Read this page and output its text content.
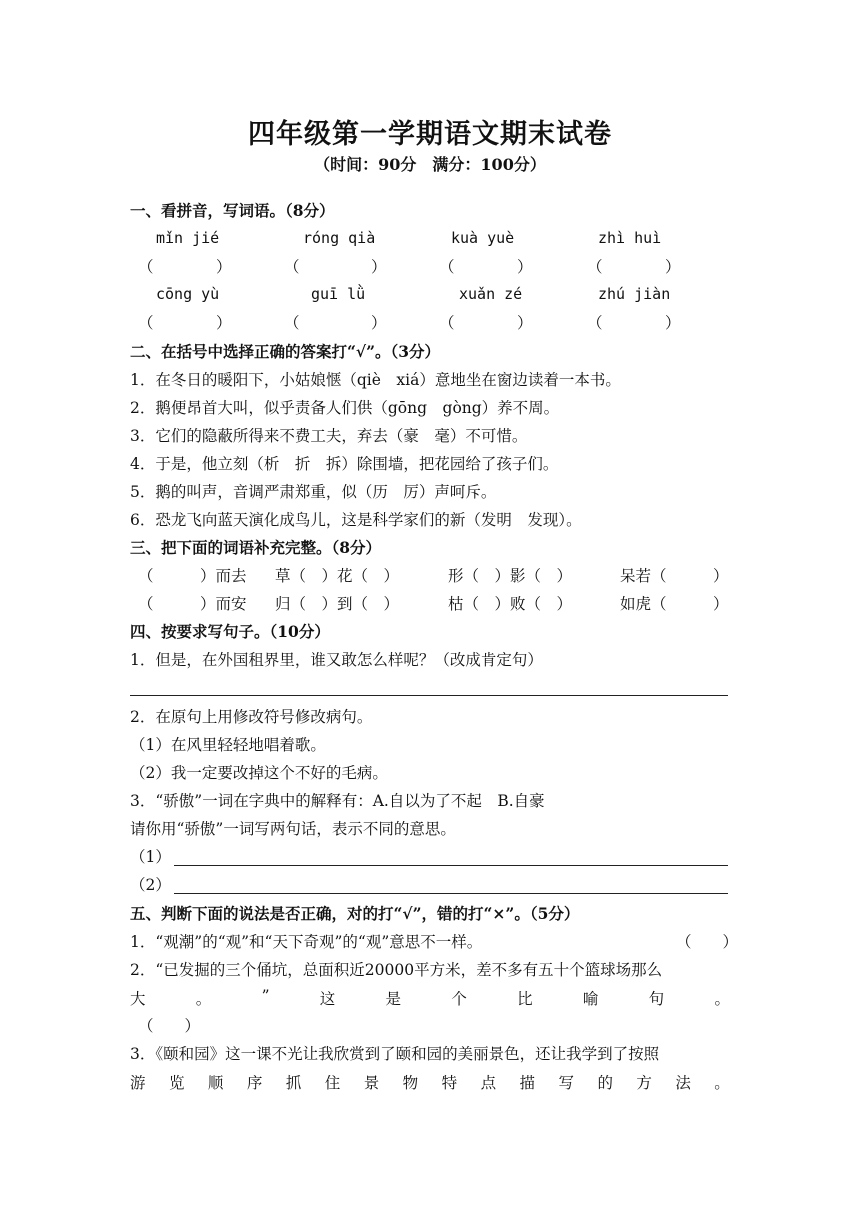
四年级第一学期语文期末试卷
（时间：90分　满分：100分）
一、看拼音，写词语。（8分）
mǐn jié	róng qià	kuà yuè	zhì huì
（	）	（	）	（	）	（	）
cōng yù	guī lǜ	xuǎn zé	zhú jiàn
（	）	（	）	（	）	（	）
二、在括号中选择正确的答案打“√”。（3分）
1．在冬日的暖阳下，小姑娘惬（qiè　xiá）意地坐在窗边读着一本书。
2．鹅便昂首大叫，似乎责备人们供（gōng　gòng）养不周。
3．它们的隐蔽所得来不费工夫，弃去（豪　毫）不可惜。
4．于是，他立刻（析　折　拆）除围墙，把花园给了孩子们。
5．鹅的叫声，音调严肃郑重，似（历　厉）声呵斥。
6．恐龙飞向蓝天演化成鸟儿，这是科学家们的新（发明　发现）。
三、把下面的词语补充完整。（8分）
（　　　）而去 草（　）花（　）	形（　）影（　）	呆若（　　　）
（　　　）而安 归（　）到（　）	枯（　）败（　）	如虎（　　　）
四、按要求写句子。（10分）
1．但是，在外国租界里，谁又敢怎么样呢？（改成肯定句）
2．在原句上用修改符号修改病句。
（1）在风里轻轻地唱着歌。
（2）我一定要改掉这个不好的毛病。
3．“骄傲”一词在字典中的解释有：A.自以为了不起　B.自豪
请你用“骄傲”一词写两句话，表示不同的意思。
（1）
（2）
五、判断下面的说法是否正确，对的打“√”，错的打“×”。（5分）
1．“观潮”的“观”和“天下奇观”的“观”意思不一样。	（　　）
2．“已发掘的三个俑坑，总面积近20000平方米，差不多有五十个篮球场那么
大	。	”	这	是	个	比	喻	句	。
（　　）
3．《颐和园》这一课不光让我欣赏到了颐和园的美丽景色，还让我学到了按照
游 览 顺 序 抓 住 景 物 特 点 描 写 的 方 法 。
